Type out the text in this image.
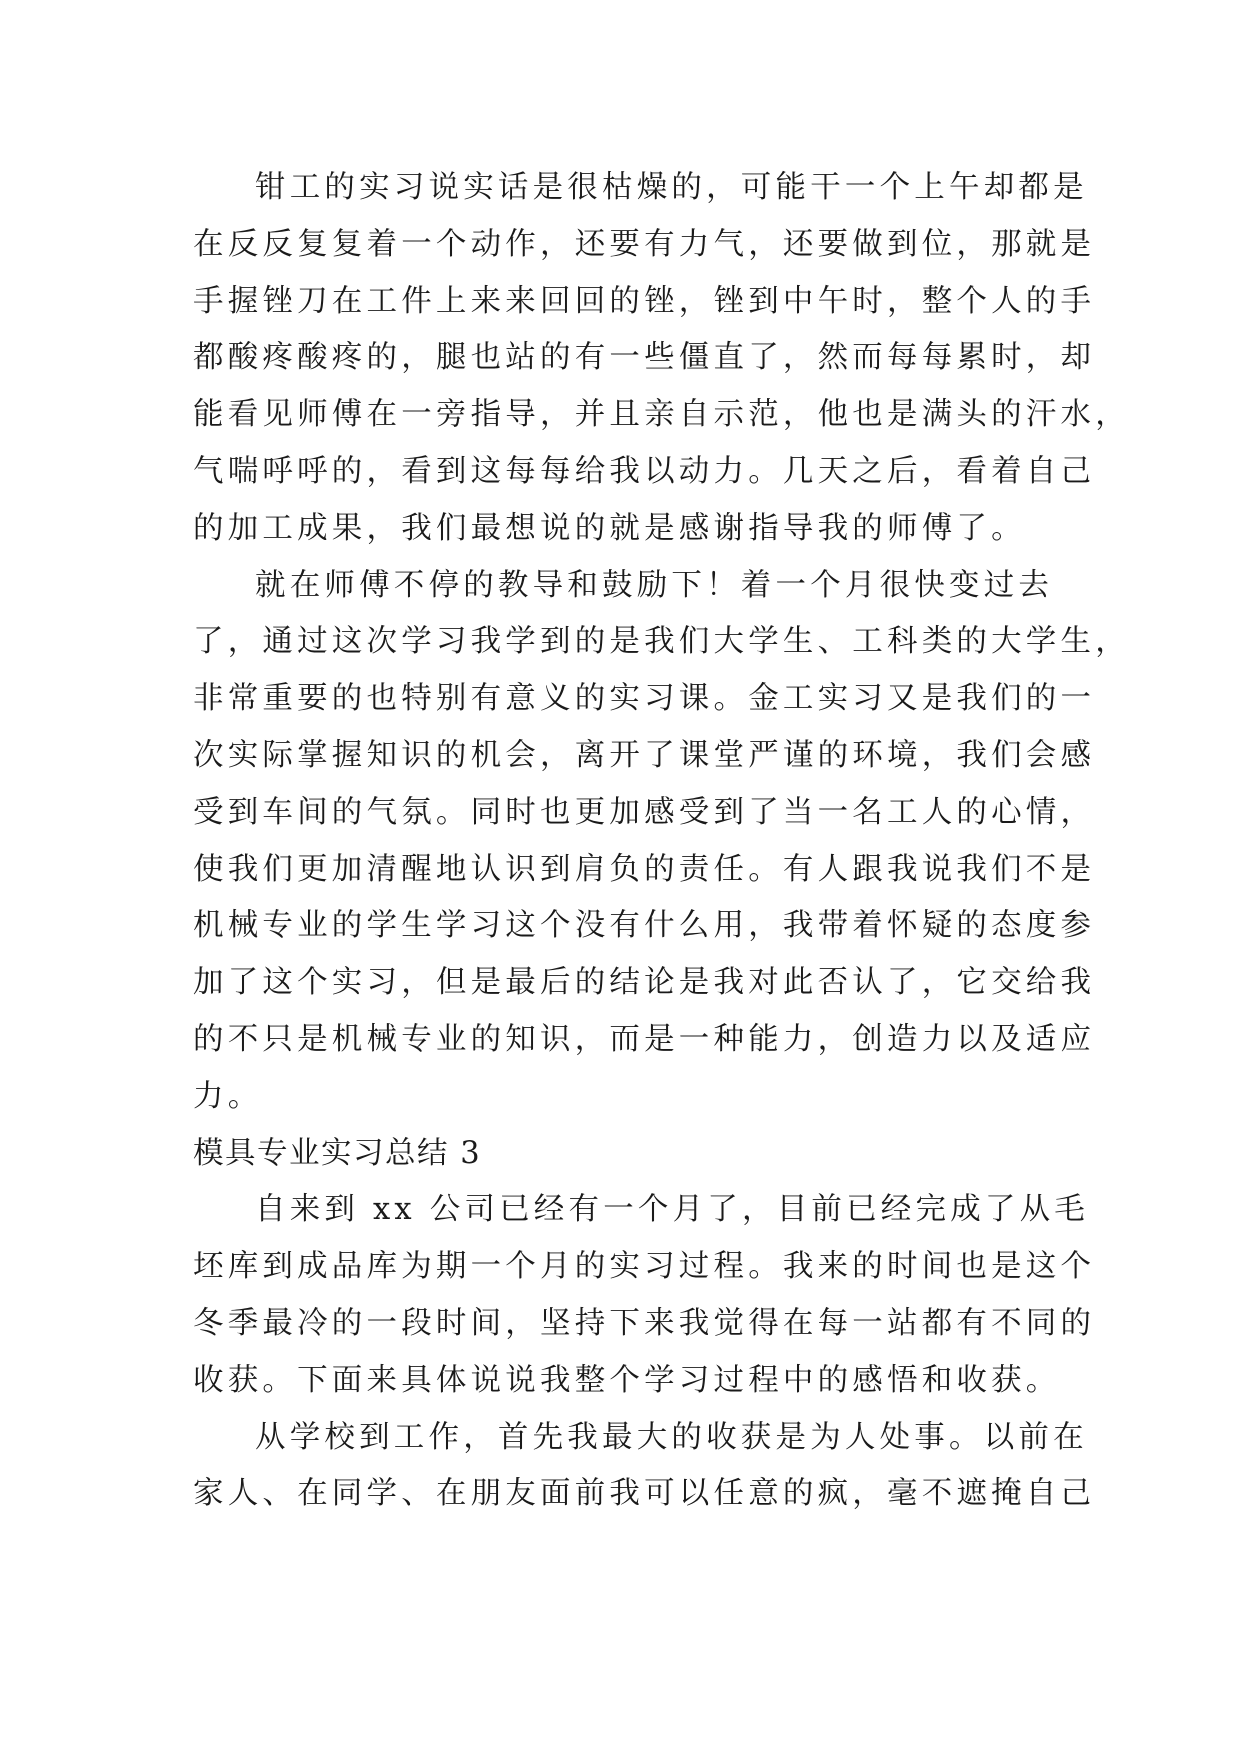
钳工的实习说实话是很枯燥的，可能干一个上午却都是
在反反复复着一个动作，还要有力气，还要做到位，那就是
手握锉刀在工件上来来回回的锉，锉到中午时，整个人的手
都酸疼酸疼的，腿也站的有一些僵直了，然而每每累时，却
能看见师傅在一旁指导，并且亲自示范，他也是满头的汗水，
气喘呼呼的，看到这每每给我以动力。几天之后，看着自己
的加工成果，我们最想说的就是感谢指导我的师傅了。
就在师傅不停的教导和鼓励下！着一个月很快变过去
了，通过这次学习我学到的是我们大学生、工科类的大学生，
非常重要的也特别有意义的实习课。金工实习又是我们的一
次实际掌握知识的机会，离开了课堂严谨的环境，我们会感
受到车间的气氛。同时也更加感受到了当一名工人的心情，
使我们更加清醒地认识到肩负的责任。有人跟我说我们不是
机械专业的学生学习这个没有什么用，我带着怀疑的态度参
加了这个实习，但是最后的结论是我对此否认了，它交给我
的不只是机械专业的知识，而是一种能力，创造力以及适应
力。
模具专业实习总结 3
自来到 xx 公司已经有一个月了，目前已经完成了从毛
坯库到成品库为期一个月的实习过程。我来的时间也是这个
冬季最冷的一段时间，坚持下来我觉得在每一站都有不同的
收获。下面来具体说说我整个学习过程中的感悟和收获。
从学校到工作，首先我最大的收获是为人处事。以前在
家人、在同学、在朋友面前我可以任意的疯，毫不遮掩自己
